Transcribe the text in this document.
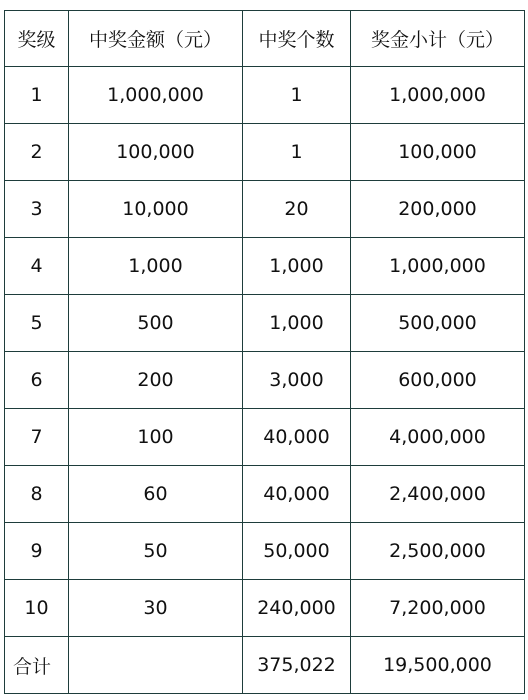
奖级	中奖金额（元）	中奖个数	奖金小计（元）
1	1,000,000	1	1,000,000
2	100,000	1	100,000
3	10,000	20	200,000
4	1,000	1,000	1,000,000
5	500	1,000	500,000
6	200	3,000	600,000
7	100	40,000	4,000,000
8	60	40,000	2,400,000
9	50	50,000	2,500,000
10	30	240,000	7,200,000
合计		375,022	19,500,000
